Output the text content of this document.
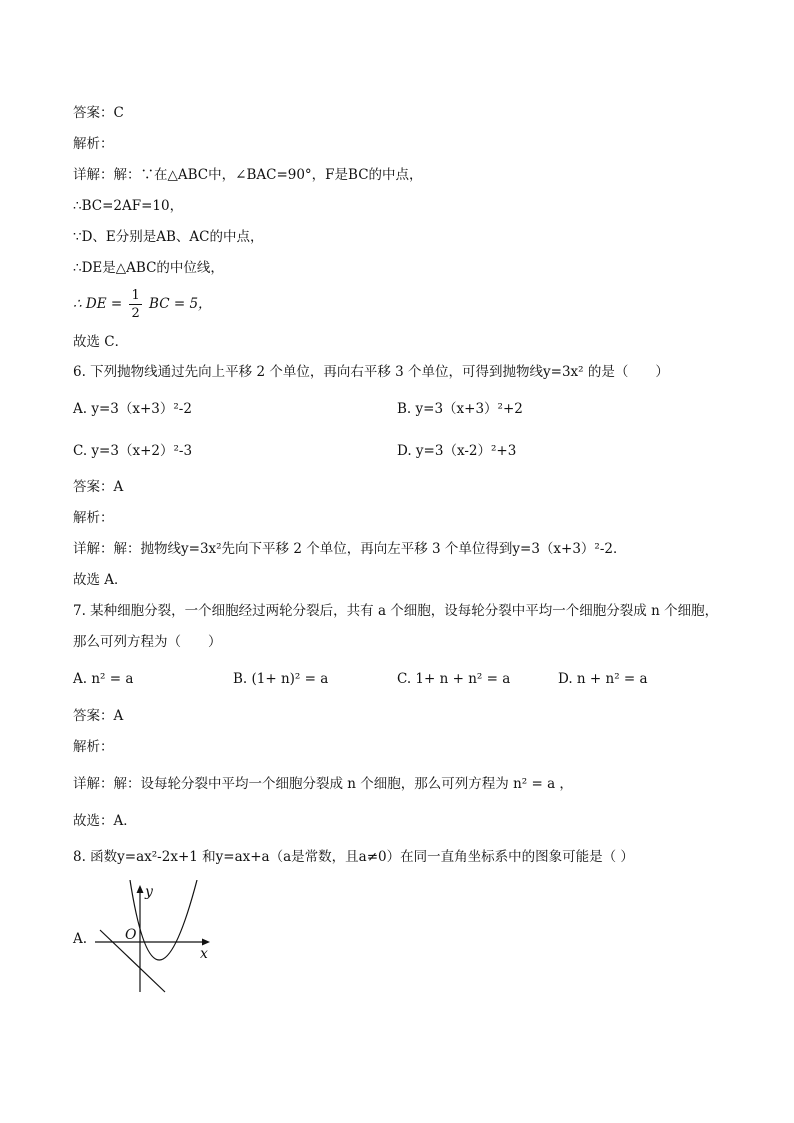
答案：C
解析：
详解：解：∵在△ABC中，∠BAC=90°，F是BC的中点，
∴BC=2AF=10，
∵D、E分别是AB、AC的中点，
∴DE是△ABC的中位线，
∴ DE = $\frac{1}{2}$ BC = 5，
故选 C．
6. 下列抛物线通过先向上平移 2 个单位，再向右平移 3 个单位，可得到抛物线y=3x² 的是（　　）
A. y=3（x+3）²-2	B. y=3（x+3）²+2
C. y=3（x+2）²-3	D. y=3（x-2）²+3
答案：A
解析：
详解：解：抛物线y=3x²先向下平移 2 个单位，再向左平移 3 个单位得到y=3（x+3）²-2．
故选 A．
7. 某种细胞分裂，一个细胞经过两轮分裂后，共有 a 个细胞，设每轮分裂中平均一个细胞分裂成 n 个细胞，
那么可列方程为（　　）
A. n² = a	B. (1+ n)² = a	C. 1+ n + n² = a	D. n + n² = a
答案：A
解析：
详解：解：设每轮分裂中平均一个细胞分裂成 n 个细胞，那么可列方程为 n² = a ，
故选：A．
8. 函数y=ax²-2x+1 和y=ax+a（a是常数，且a≠0）在同一直角坐标系中的图象可能是（ ）
A.
y
x
O
